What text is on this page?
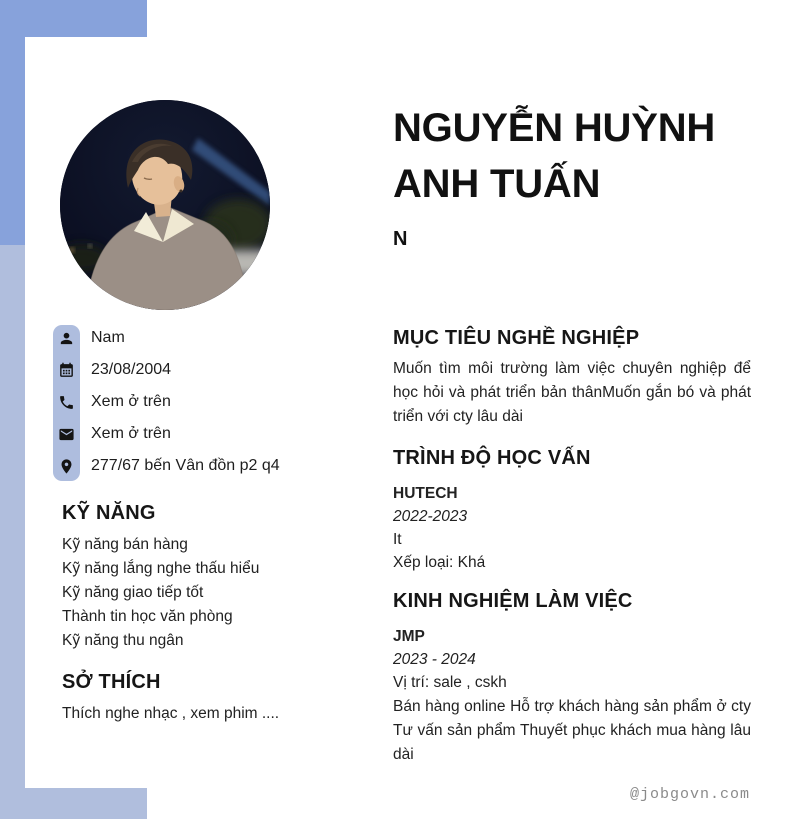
Nam
23/08/2004
Xem ở trên
Xem ở trên
277/67 bến Vân đồn p2 q4
KỸ NĂNG
Kỹ năng bán hàng
Kỹ năng lắng nghe thấu hiểu
Kỹ năng giao tiếp tốt
Thành tin học văn phòng
Kỹ năng thu ngân
SỞ THÍCH
Thích nghe nhạc , xem phim ....
NGUYỄN HUỲNH
ANH TUẤN
N
MỤC TIÊU NGHỀ NGHIỆP
Muốn tìm môi trường làm việc chuyên nghiệp để học hỏi và phát triển bản thânMuốn gắn bó và phát triển với cty lâu dài
TRÌNH ĐỘ HỌC VẤN
HUTECH
2022-2023
It
Xếp loại: Khá
KINH NGHIỆM LÀM VIỆC
JMP
2023 - 2024
Vị trí: sale , cskh
Bán hàng online Hỗ trợ khách hàng sản phẩm ở cty Tư vấn sản phẩm Thuyết phục khách mua hàng lâu dài
@jobgovn.com
